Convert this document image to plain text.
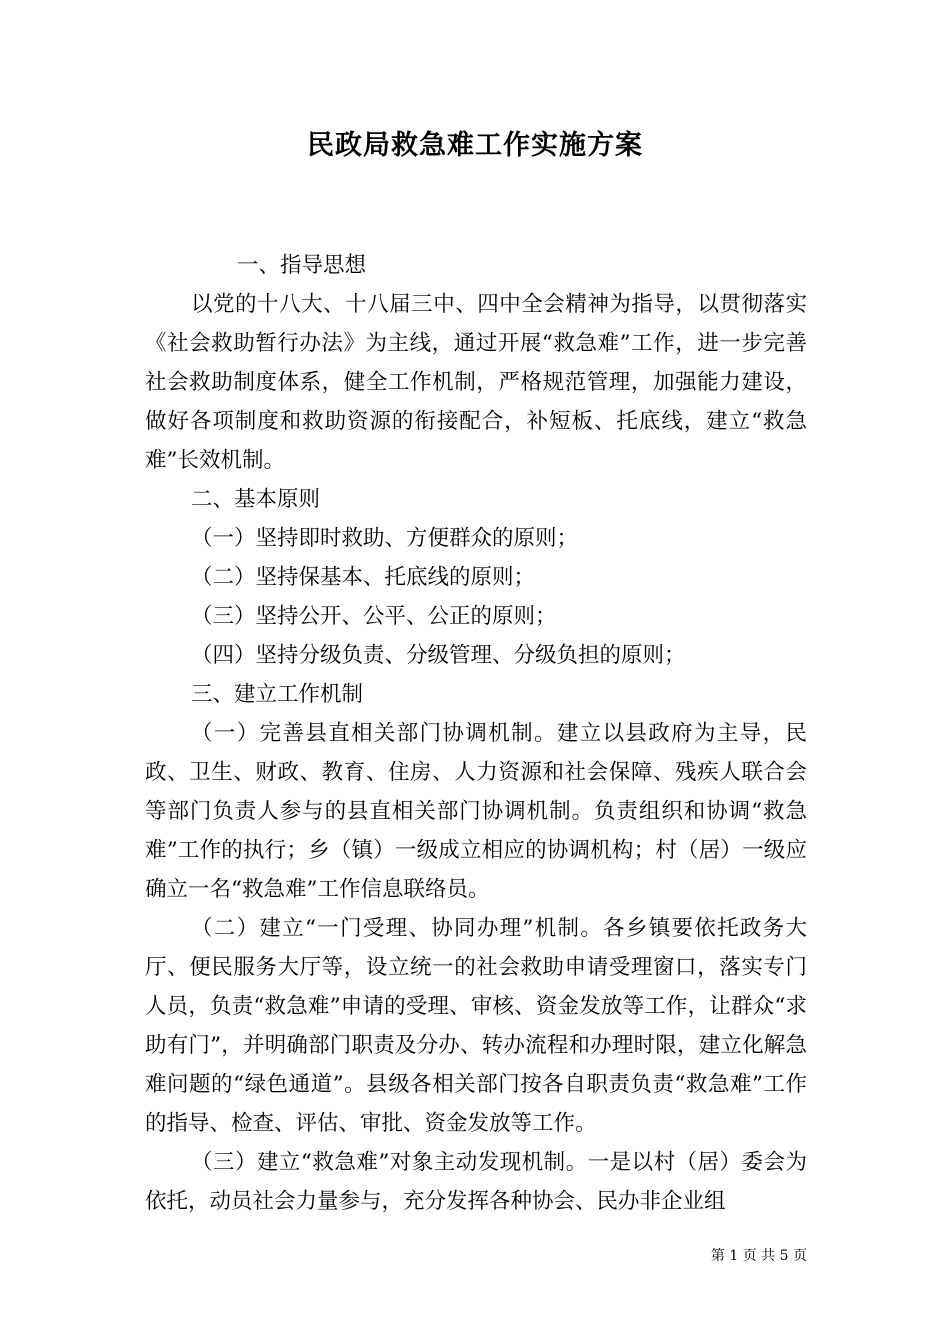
民政局救急难工作实施方案

一、指导思想

以党的十八大、十八届三中、四中全会精神为指导，以贯彻落实《社会救助暂行办法》为主线，通过开展“救急难”工作，进一步完善社会救助制度体系，健全工作机制，严格规范管理，加强能力建设，做好各项制度和救助资源的衔接配合，补短板、托底线，建立“救急难”长效机制。

二、基本原则

（一）坚持即时救助、方便群众的原则；

（二）坚持保基本、托底线的原则；

（三）坚持公开、公平、公正的原则；

（四）坚持分级负责、分级管理、分级负担的原则；

三、建立工作机制

（一）完善县直相关部门协调机制。建立以县政府为主导，民政、卫生、财政、教育、住房、人力资源和社会保障、残疾人联合会等部门负责人参与的县直相关部门协调机制。负责组织和协调“救急难”工作的执行；乡（镇）一级成立相应的协调机构；村（居）一级应确立一名“救急难”工作信息联络员。

（二）建立“一门受理、协同办理”机制。各乡镇要依托政务大厅、便民服务大厅等，设立统一的社会救助申请受理窗口，落实专门人员，负责“救急难”申请的受理、审核、资金发放等工作，让群众“求助有门”，并明确部门职责及分办、转办流程和办理时限，建立化解急难问题的“绿色通道”。县级各相关部门按各自职责负责“救急难”工作的指导、检查、评估、审批、资金发放等工作。

（三）建立“救急难”对象主动发现机制。一是以村（居）委会为依托，动员社会力量参与，充分发挥各种协会、民办非企业组

第 1 页 共 5 页
